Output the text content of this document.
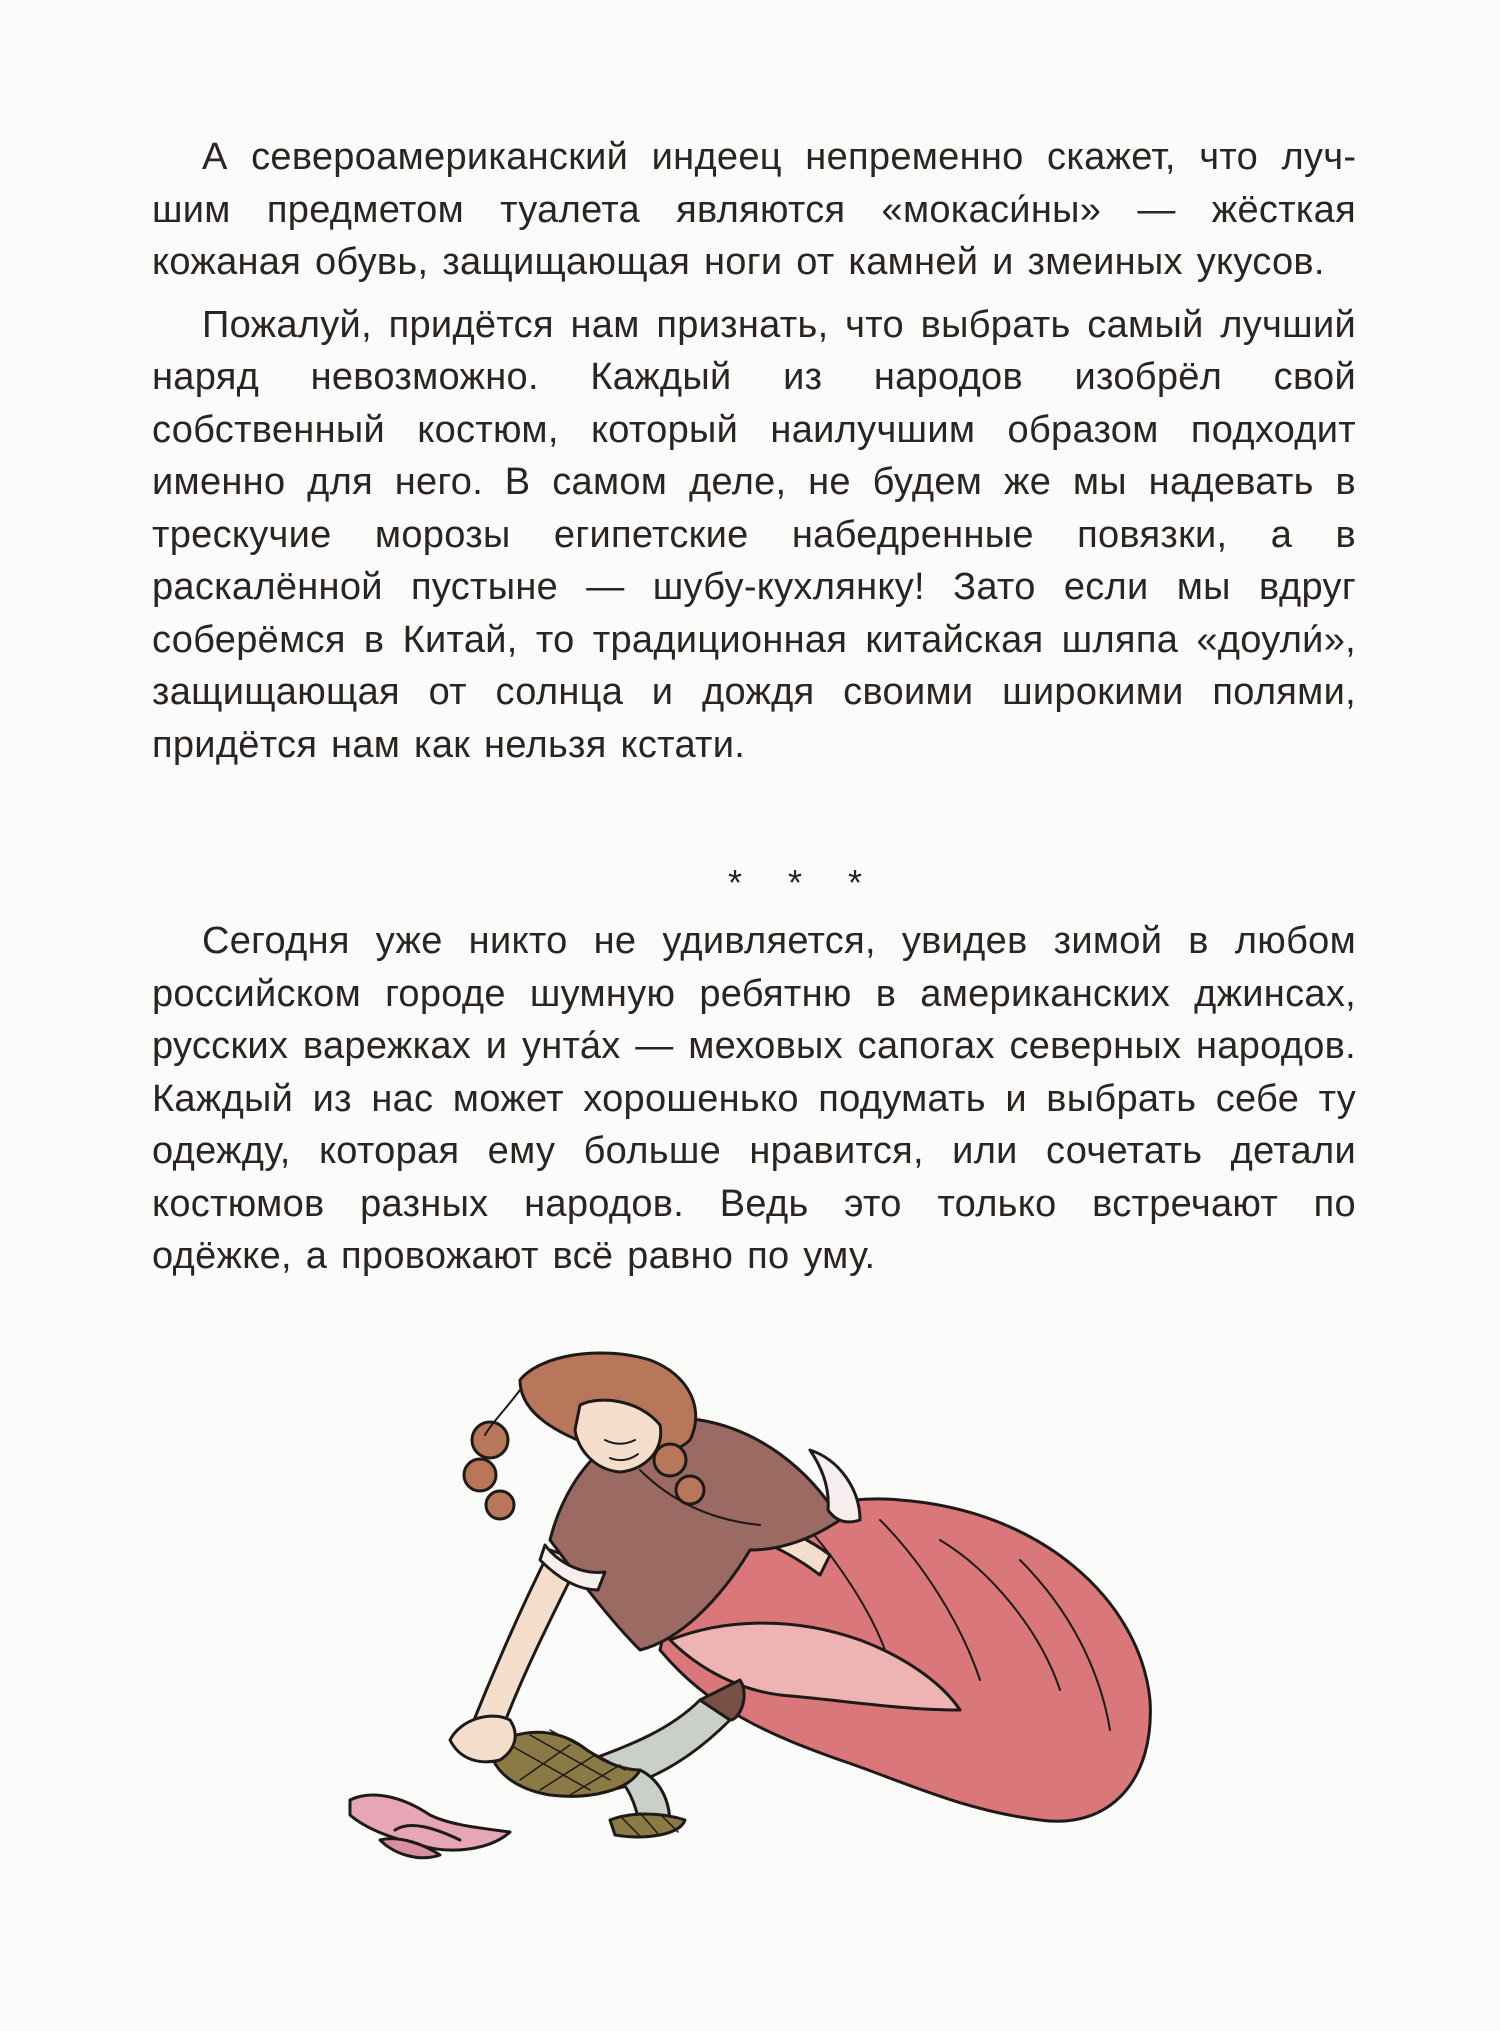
А североамериканский индеец непременно скажет, что лучшим предметом туалета являются «мокаси́ны» — жёсткая кожаная обувь, защищающая ноги от камней и змеиных укусов.

Пожалуй, придётся нам признать, что выбрать самый лучший наряд невозможно. Каждый из народов изобрёл свой собственный костюм, который наилучшим образом подходит именно для него. В самом деле, не будем же мы надевать в трескучие морозы египетские набедренные повязки, а в раскалённой пустыне — шубу-кухлянку! Зато если мы вдруг соберёмся в Китай, то традиционная китайская шляпа «доули́», защищающая от солнца и дождя своими широкими полями, придётся нам как нельзя кстати.

* * *

Сегодня уже никто не удивляется, увидев зимой в любом российском городе шумную ребятню в американских джинсах, русских варежках и унта́х — меховых сапогах северных народов. Каждый из нас может хорошенько подумать и выбрать себе ту одежду, которая ему больше нравится, или сочетать детали костюмов разных народов. Ведь это только встречают по одёжке, а провожают всё равно по уму.
